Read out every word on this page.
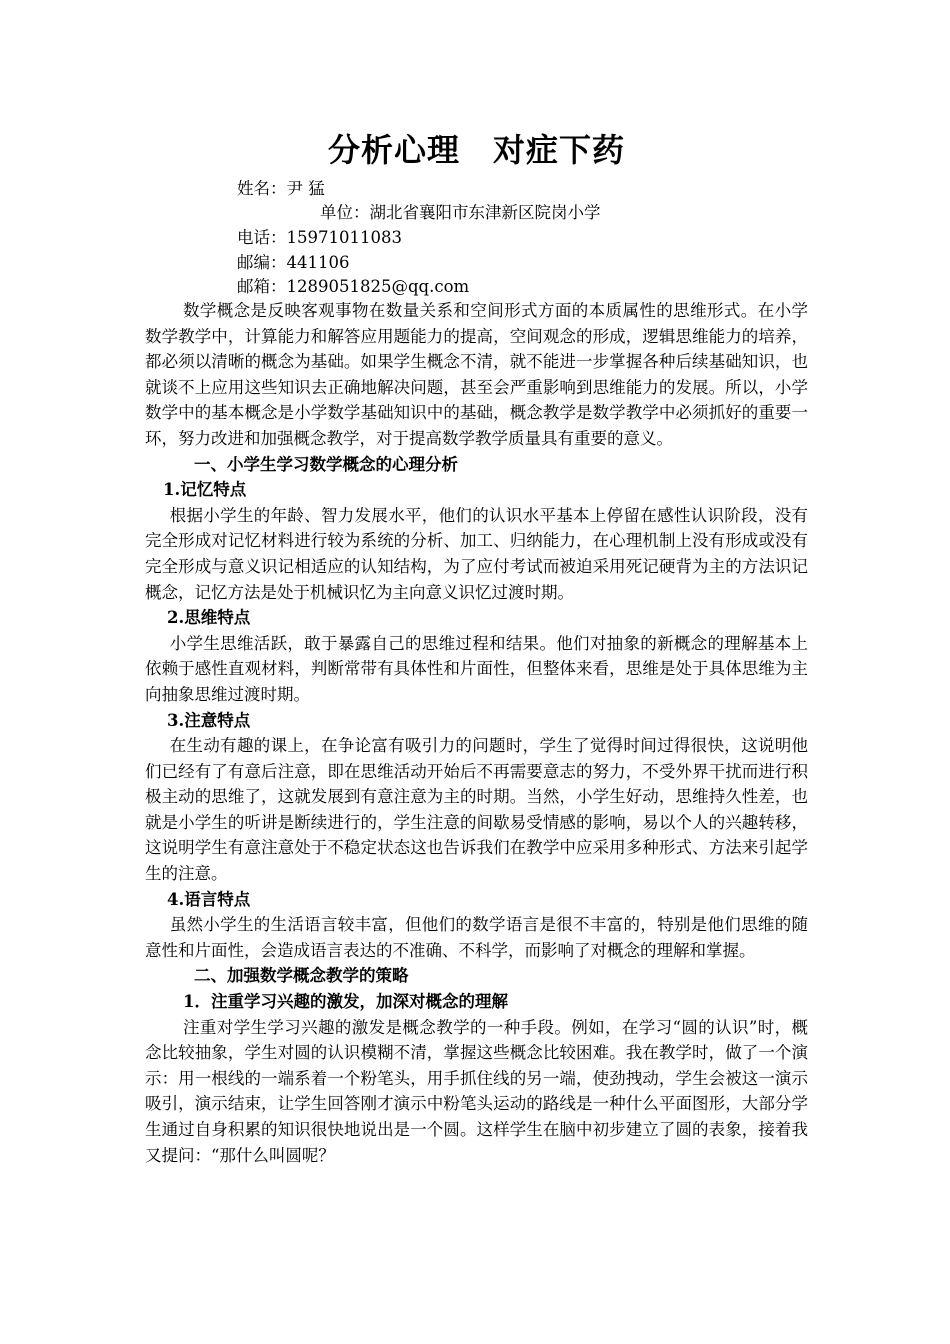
分析心理　对症下药
姓名：尹 猛
单位：湖北省襄阳市东津新区院岗小学
电话：15971011083
邮编：441106
邮箱：1289051825@qq.com

数学概念是反映客观事物在数量关系和空间形式方面的本质属性的思维形式。在小学数学教学中，计算能力和解答应用题能力的提高，空间观念的形成，逻辑思维能力的培养，都必须以清晰的概念为基础。如果学生概念不清，就不能进一步掌握各种后续基础知识，也就谈不上应用这些知识去正确地解决问题，甚至会严重影响到思维能力的发展。所以，小学数学中的基本概念是小学数学基础知识中的基础，概念教学是数学教学中必须抓好的重要一环，努力改进和加强概念教学，对于提高数学教学质量具有重要的意义。

一、小学生学习数学概念的心理分析

1.记忆特点

根据小学生的年龄、智力发展水平，他们的认识水平基本上停留在感性认识阶段，没有完全形成对记忆材料进行较为系统的分析、加工、归纳能力，在心理机制上没有形成或没有完全形成与意义识记相适应的认知结构，为了应付考试而被迫采用死记硬背为主的方法识记概念，记忆方法是处于机械识忆为主向意义识忆过渡时期。

2.思维特点

小学生思维活跃，敢于暴露自己的思维过程和结果。他们对抽象的新概念的理解基本上依赖于感性直观材料，判断常带有具体性和片面性，但整体来看，思维是处于具体思维为主向抽象思维过渡时期。

3.注意特点

在生动有趣的课上，在争论富有吸引力的问题时，学生了觉得时间过得很快，这说明他们已经有了有意后注意，即在思维活动开始后不再需要意志的努力，不受外界干扰而进行积极主动的思维了，这就发展到有意注意为主的时期。当然，小学生好动，思维持久性差，也就是小学生的听讲是断续进行的，学生注意的间歇易受情感的影响，易以个人的兴趣转移，这说明学生有意注意处于不稳定状态这也告诉我们在教学中应采用多种形式、方法来引起学生的注意。

4.语言特点

虽然小学生的生活语言较丰富，但他们的数学语言是很不丰富的，特别是他们思维的随意性和片面性，会造成语言表达的不准确、不科学，而影响了对概念的理解和掌握。

二、加强数学概念教学的策略

1．注重学习兴趣的激发，加深对概念的理解

注重对学生学习兴趣的激发是概念教学的一种手段。例如，在学习“圆的认识”时，概念比较抽象，学生对圆的认识模糊不清，掌握这些概念比较困难。我在教学时，做了一个演示：用一根线的一端系着一个粉笔头，用手抓住线的另一端，使劲拽动，学生会被这一演示吸引，演示结束，让学生回答刚才演示中粉笔头运动的路线是一种什么平面图形，大部分学生通过自身积累的知识很快地说出是一个圆。这样学生在脑中初步建立了圆的表象，接着我又提问：“那什么叫圆呢？
